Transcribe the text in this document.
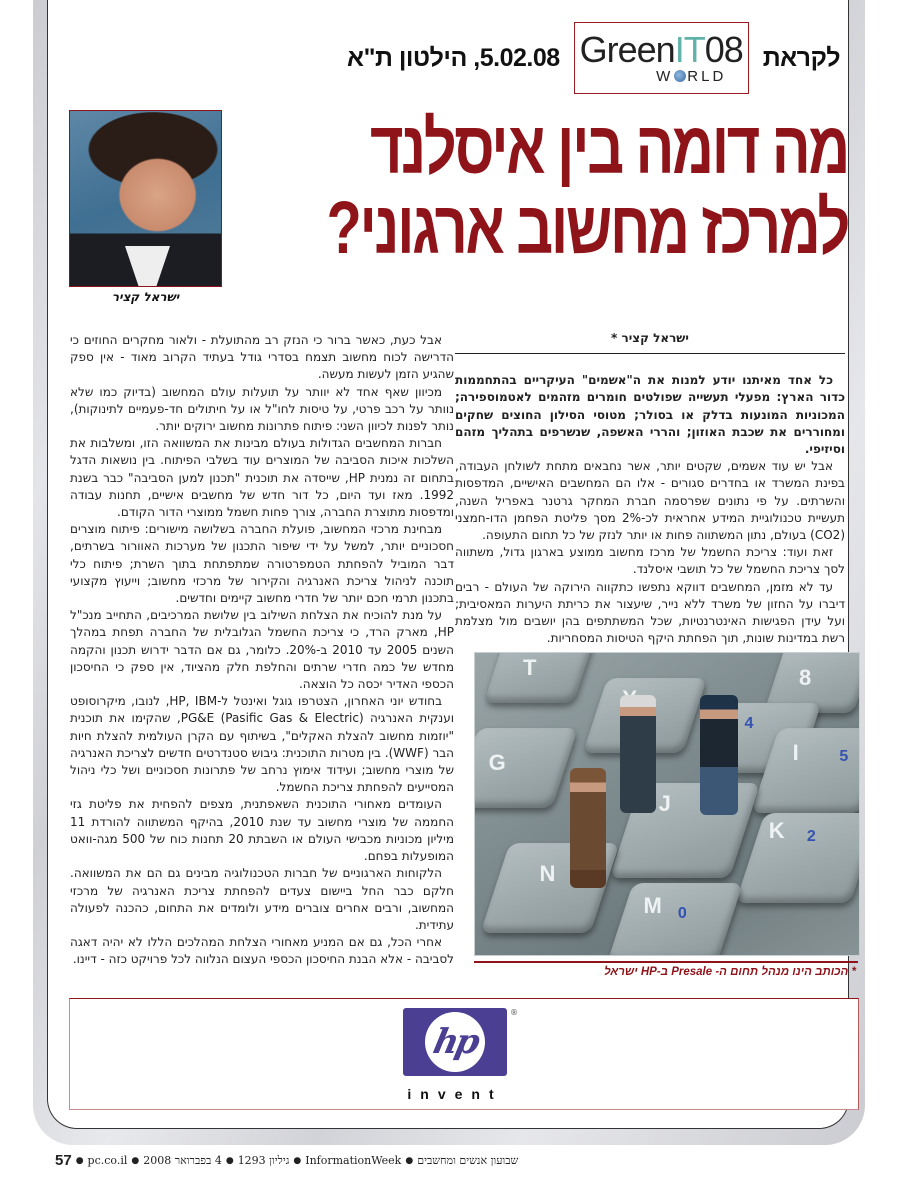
לקראת
GreenIT08
W RLD
5.02.08, הילטון ת"א
מה דומה בין איסלנד
למרכז מחשוב ארגוני?
ישראל קציר
ישראל קציר *

כל אחד מאיתנו יודע למנות את ה"אשמים" העיקריים בהתחממות כדור הארץ: מפעלי תעשייה שפולטים חומרים מזהמים לאטמוספירה; המכוניות המונעות בדלק או בסולר; מטוסי הסילון החוצים שחקים ומחוררים את שכבת האוזון; והררי האשפה, שנשרפים בתהליך מזהם וסיזיפי.

אבל יש עוד אשמים, שקטים יותר, אשר נחבאים מתחת לשולחן העבודה, בפינת המשרד או בחדרים סגורים - אלו הם המחשבים האישיים, המדפסות והשרתים. על פי נתונים שפרסמה חברת המחקר גרטנר באפריל השנה, תעשיית טכנולוגיית המידע אחראית לכ-2% מסך פליטת הפחמן הדו-חמצני (CO2) בעולם, נתון המשתווה פחות או יותר לנזק של כל תחום התעופה.

זאת ועוד: צריכת החשמל של מרכז מחשוב ממוצע בארגון גדול, משתווה לסך צריכת החשמל של כל תושבי איסלנד.

עד לא מזמן, המחשבים דווקא נתפשו כתקווה הירוקה של העולם - רבים דיברו על החזון של משרד ללא נייר, שיעצור את כריתת היערות המאסיבית; ועל עידן הפגישות האינטרנטיות, שכל המשתתפים בהן יושבים מול מצלמת רשת במדינות שונות, תוך הפחתת היקף הטיסות המסחריות.

T	8
4
G	I	5
J
K 2
N
M 0
* הכותב הינו מנהל תחום ה- Presale ב-HP ישראל

אבל כעת, כאשר ברור כי הנזק רב מהתועלת - ולאור מחקרים החוזים כי הדרישה לכוח מחשוב תצמח בסדרי גודל בעתיד הקרוב מאוד - אין ספק שהגיע הזמן לעשות מעשה.

מכיוון שאף אחד לא יוותר על תועלות עולם המחשוב (בדיוק כמו שלא נוותר על רכב פרטי, על טיסות לחו"ל או על חיתולים חד-פעמיים לתינוקות), נותר לפנות לכיוון השני: פיתוח פתרונות מחשוב ירוקים יותר.

חברות המחשבים הגדולות בעולם מבינות את המשוואה הזו, ומשלבות את השלכות איכות הסביבה של המוצרים עוד בשלבי הפיתוח. בין נושאות הדגל בתחום זה נמנית HP, שייסדה את תוכנית "תכנון למען הסביבה" כבר בשנת 1992. מאז ועד היום, כל דור חדש של מחשבים אישיים, תחנות עבודה ומדפסות מתוצרת החברה, צורך פחות חשמל ממוצרי הדור הקודם.

מבחינת מרכזי המחשוב, פועלת החברה בשלושה מישורים: פיתוח מוצרים חסכוניים יותר, למשל על ידי שיפור התכנון של מערכות האוורור בשרתים, דבר המוביל להפחתת הטמפרטורה שמתפתחת בתוך השרת; פיתוח כלי תוכנה לניהול צריכת האנרגיה והקירור של מרכזי מחשוב; וייעוץ מקצועי בתכנון תרמי חכם יותר של חדרי מחשוב קיימים וחדשים.

על מנת להוכיח את הצלחת השילוב בין שלושת המרכיבים, התחייב מנכ"ל HP, מארק הרד, כי צריכת החשמל הגלובלית של החברה תפחת במהלך השנים 2005 עד 2010 ב-20%. כלומר, גם אם הדבר ידרוש תכנון והקמה מחדש של כמה חדרי שרתים והחלפת חלק מהציוד, אין ספק כי החיסכון הכספי האדיר יכסה כל הוצאה.

בחודש יוני האחרון, הצטרפו גוגל ואינטל ל-HP, IBM, לנובו, מיקרוסופט וענקית האנרגיה PG&E (Pasific Gas & Electric), שהקימו את תוכנית "יוזמות מחשוב להצלת האקלים", בשיתוף עם הקרן העולמית להצלת חיות הבר (WWF). בין מטרות התוכנית: גיבוש סטנדרטים חדשים לצריכת האנרגיה של מוצרי מחשוב; ועידוד אימוץ נרחב של פתרונות חסכוניים ושל כלי ניהול המסייעים להפחתת צריכת החשמל.

העומדים מאחורי התוכנית השאפתנית, מצפים להפחית את פליטת גזי החממה של מוצרי מחשוב עד שנת 2010, בהיקף המשתווה להורדת 11 מיליון מכוניות מכבישי העולם או השבתת 20 תחנות כוח של 500 מגה-וואט המופעלות בפחם.

הלקוחות הארגוניים של חברות הטכנולוגיה מבינים גם הם את המשוואה. חלקם כבר החל ביישום צעדים להפחתת צריכת האנרגיה של מרכזי המחשוב, ורבים אחרים צוברים מידע ולומדים את התחום, כהכנה לפעולה עתידית.

אחרי הכל, גם אם המניע מאחורי הצלחת המהלכים הללו לא יהיה דאגה לסביבה - אלא הבנת החיסכון הכספי העצום הנלווה לכל פרויקט כזה - דיינו.

hp
®
invent
57 ● pc.co.il ● 4 בפברואר 2008 ● גיליון 1293 ● InformationWeek ● שבועון אנשים ומחשבים
